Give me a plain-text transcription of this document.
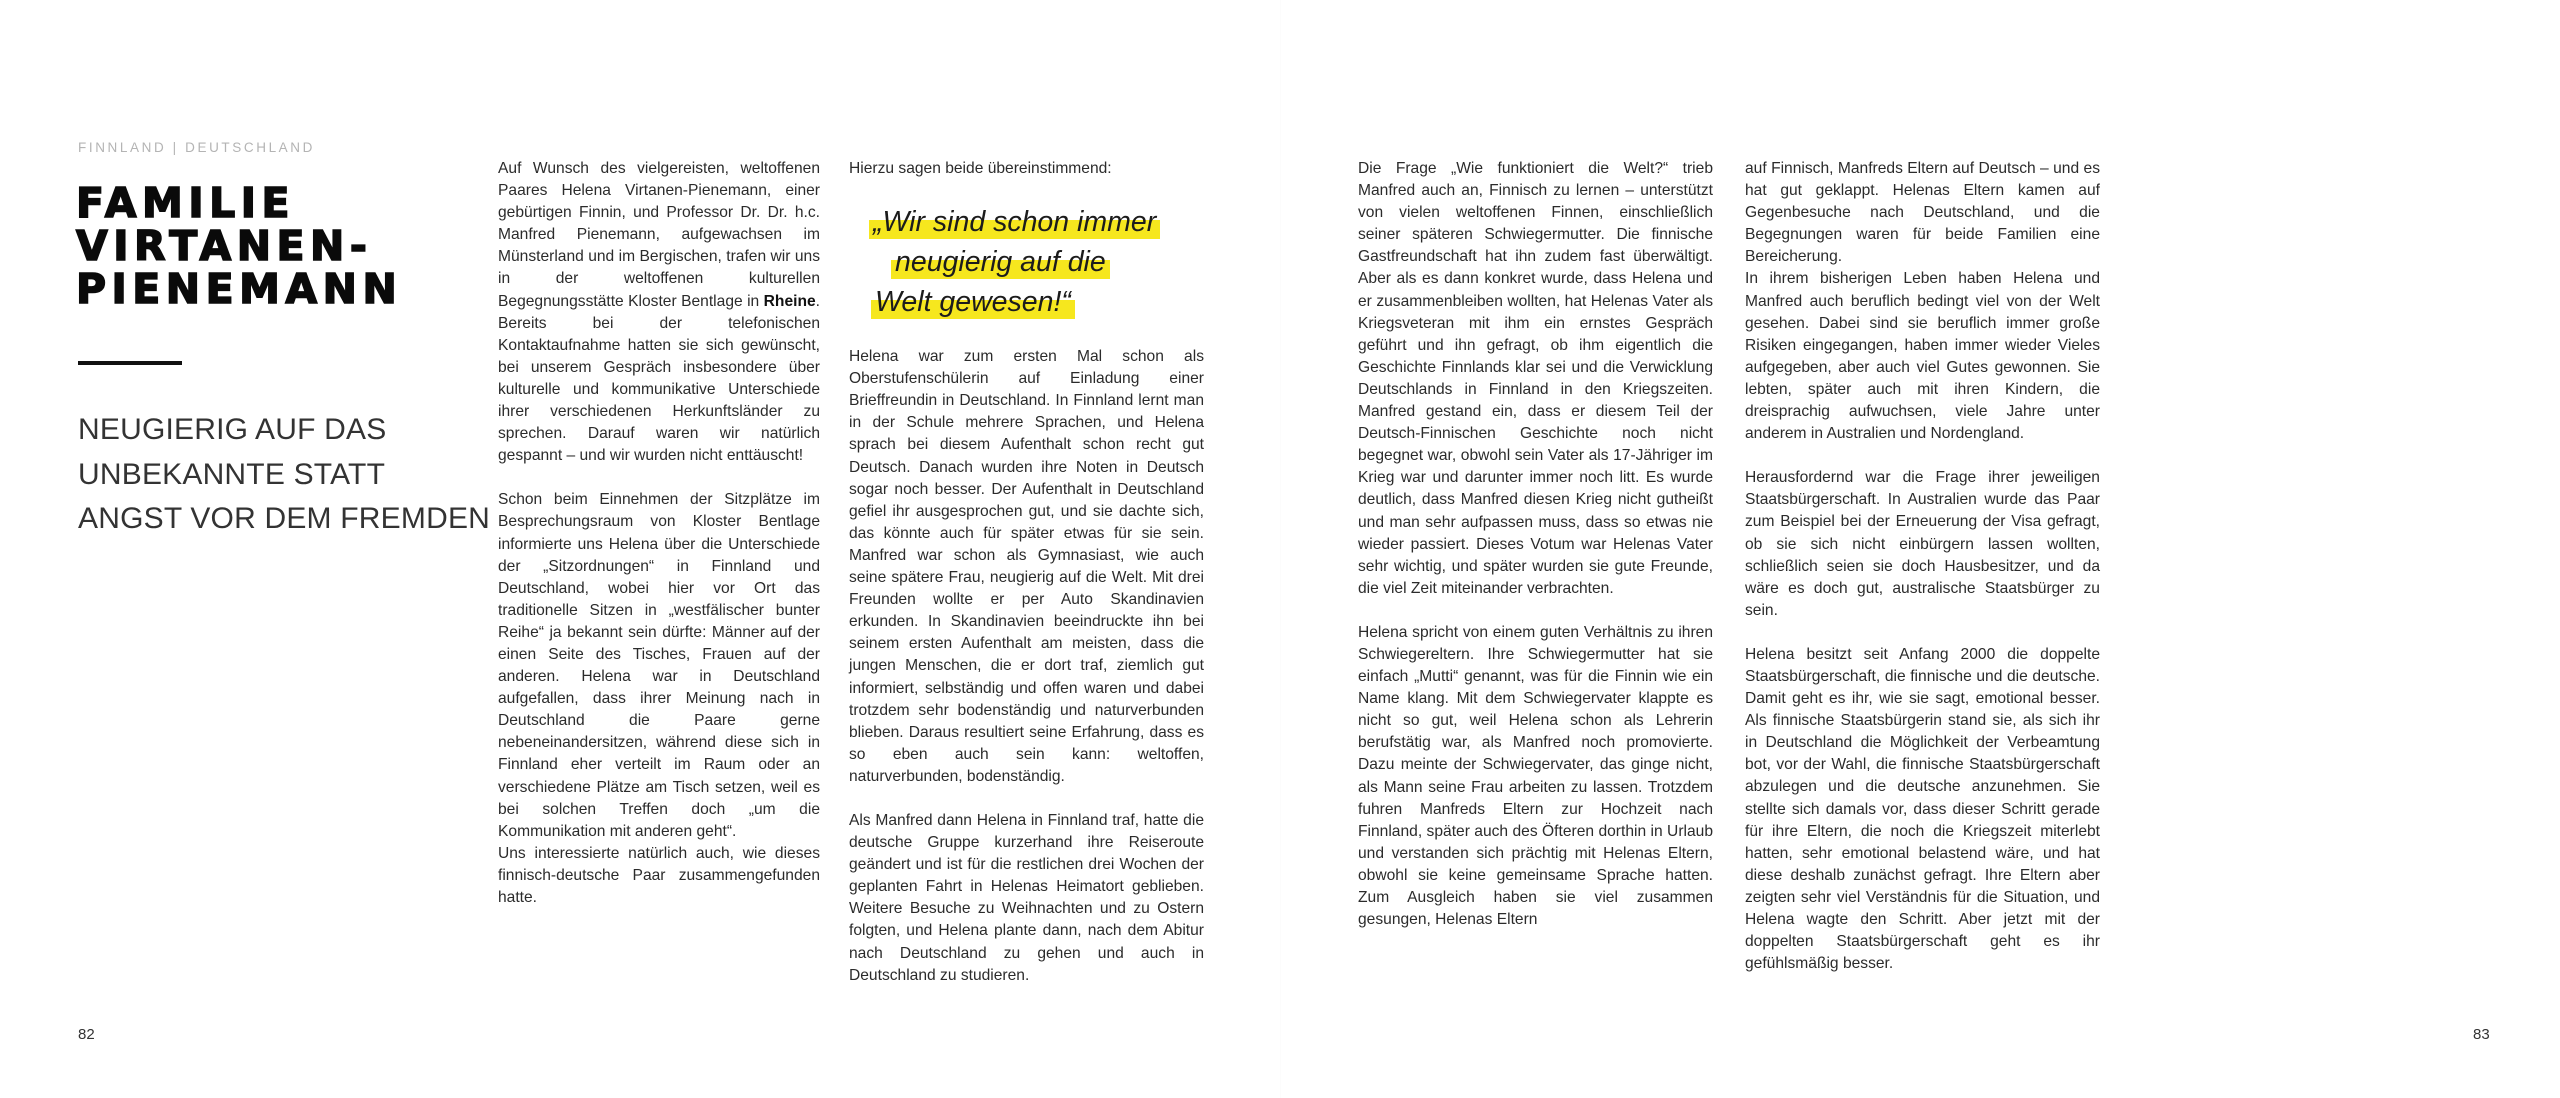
FINNLAND | DEUTSCHLAND
FAMILIE
VIRTANEN-
PIENEMANN
NEUGIERIG AUF DAS
UNBEKANNTE STATT
ANGST VOR DEM FREMDEN

Auf Wunsch des vielgereisten, weltoffenen Paares Helena Virtanen-Pienemann, einer gebürtigen Finnin, und Professor Dr. Dr. h.c. Manfred Pienemann, aufgewachsen im Münsterland und im Bergischen, trafen wir uns in der weltoffenen kulturellen Begegnungsstätte Kloster Bentlage in Rheine. Bereits bei der telefonischen Kontaktaufnahme hatten sie sich gewünscht, bei unserem Gespräch insbesondere über kulturelle und kommunikative Unterschiede ihrer verschiedenen Herkunftsländer zu sprechen. Darauf waren wir natürlich gespannt – und wir wurden nicht enttäuscht!

Schon beim Einnehmen der Sitzplätze im Besprechungsraum von Kloster Bentlage informierte uns Helena über die Unterschiede der „Sitzordnungen“ in Finnland und Deutschland, wobei hier vor Ort das traditionelle Sitzen in „westfälischer bunter Reihe“ ja bekannt sein dürfte: Männer auf der einen Seite des Tisches, Frauen auf der anderen. Helena war in Deutschland aufgefallen, dass ihrer Meinung nach in Deutschland die Paare gerne nebeneinandersitzen, während diese sich in Finnland eher verteilt im Raum oder an verschiedene Plätze am Tisch setzen, weil es bei solchen Treffen doch „um die Kommunikation mit anderen geht“.

Uns interessierte natürlich auch, wie dieses finnisch-deutsche Paar zusammengefunden hatte.

Hierzu sagen beide übereinstimmend:

„Wir sind schon immer
neugierig auf die
Welt gewesen!“

Helena war zum ersten Mal schon als Oberstufenschülerin auf Einladung einer Brieffreundin in Deutschland. In Finnland lernt man in der Schule mehrere Sprachen, und Helena sprach bei diesem Aufenthalt schon recht gut Deutsch. Danach wurden ihre Noten in Deutsch sogar noch besser. Der Aufenthalt in Deutschland gefiel ihr ausgesprochen gut, und sie dachte sich, das könnte auch für später etwas für sie sein. Manfred war schon als Gymnasiast, wie auch seine spätere Frau, neugierig auf die Welt. Mit drei Freunden wollte er per Auto Skandinavien erkunden. In Skandinavien beeindruckte ihn bei seinem ersten Aufenthalt am meisten, dass die jungen Menschen, die er dort traf, ziemlich gut informiert, selbständig und offen waren und dabei trotzdem sehr bodenständig und naturverbunden blieben. Daraus resultiert seine Erfahrung, dass es so eben auch sein kann: weltoffen, naturverbunden, bodenständig.

Als Manfred dann Helena in Finnland traf, hatte die deutsche Gruppe kurzerhand ihre Reiseroute geändert und ist für die restlichen drei Wochen der geplanten Fahrt in Helenas Heimatort geblieben. Weitere Besuche zu Weihnachten und zu Ostern folgten, und Helena plante dann, nach dem Abitur nach Deutschland zu gehen und auch in Deutschland zu studieren.

Die Frage „Wie funktioniert die Welt?“ trieb Manfred auch an, Finnisch zu lernen – unterstützt von vielen weltoffenen Finnen, einschließlich seiner späteren Schwiegermutter. Die finnische Gastfreundschaft hat ihn zudem fast überwältigt. Aber als es dann konkret wurde, dass Helena und er zusammenbleiben wollten, hat Helenas Vater als Kriegsveteran mit ihm ein ernstes Gespräch geführt und ihn gefragt, ob ihm eigentlich die Geschichte Finnlands klar sei und die Verwicklung Deutschlands in Finnland in den Kriegszeiten. Manfred gestand ein, dass er diesem Teil der Deutsch-Finnischen Geschichte noch nicht begegnet war, obwohl sein Vater als 17-Jähriger im Krieg war und darunter immer noch litt. Es wurde deutlich, dass Manfred diesen Krieg nicht gutheißt und man sehr aufpassen muss, dass so etwas nie wieder passiert. Dieses Votum war Helenas Vater sehr wichtig, und später wurden sie gute Freunde, die viel Zeit miteinander verbrachten.

Helena spricht von einem guten Verhältnis zu ihren Schwiegereltern. Ihre Schwiegermutter hat sie einfach „Mutti“ genannt, was für die Finnin wie ein Name klang. Mit dem Schwiegervater klappte es nicht so gut, weil Helena schon als Lehrerin berufstätig war, als Manfred noch promovierte. Dazu meinte der Schwiegervater, das ginge nicht, als Mann seine Frau arbeiten zu lassen. Trotzdem fuhren Manfreds Eltern zur Hochzeit nach Finnland, später auch des Öfteren dorthin in Urlaub und verstanden sich prächtig mit Helenas Eltern, obwohl sie keine gemeinsame Sprache hatten. Zum Ausgleich haben sie viel zusammen gesungen, Helenas Eltern

auf Finnisch, Manfreds Eltern auf Deutsch – und es hat gut geklappt. Helenas Eltern kamen auf Gegenbesuche nach Deutschland, und die Begegnungen waren für beide Familien eine Bereicherung.

In ihrem bisherigen Leben haben Helena und Manfred auch beruflich bedingt viel von der Welt gesehen. Dabei sind sie beruflich immer große Risiken eingegangen, haben immer wieder Vieles aufgegeben, aber auch viel Gutes gewonnen. Sie lebten, später auch mit ihren Kindern, die dreisprachig aufwuchsen, viele Jahre unter anderem in Australien und Nordengland.

Herausfordernd war die Frage ihrer jeweiligen Staatsbürgerschaft. In Australien wurde das Paar zum Beispiel bei der Erneuerung der Visa gefragt, ob sie sich nicht einbürgern lassen wollten, schließlich seien sie doch Hausbesitzer, und da wäre es doch gut, australische Staatsbürger zu sein.

Helena besitzt seit Anfang 2000 die doppelte Staatsbürgerschaft, die finnische und die deutsche. Damit geht es ihr, wie sie sagt, emotional besser. Als finnische Staatsbürgerin stand sie, als sich ihr in Deutschland die Möglichkeit der Verbeamtung bot, vor der Wahl, die finnische Staatsbürgerschaft abzulegen und die deutsche anzunehmen. Sie stellte sich damals vor, dass dieser Schritt gerade für ihre Eltern, die noch die Kriegszeit miterlebt hatten, sehr emotional belastend wäre, und hat diese deshalb zunächst gefragt. Ihre Eltern aber zeigten sehr viel Verständnis für die Situation, und Helena wagte den Schritt. Aber jetzt mit der doppelten Staatsbürgerschaft geht es ihr gefühlsmäßig besser.

82	83
